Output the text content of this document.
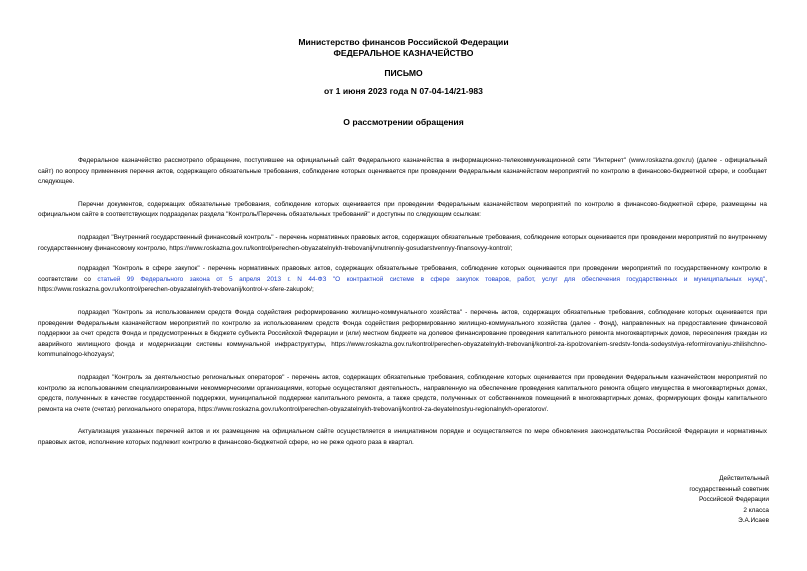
Министерство финансов Российской Федерации
ФЕДЕРАЛЬНОЕ КАЗНАЧЕЙСТВО
ПИСЬМО
от 1 июня 2023 года N 07-04-14/21-983
О рассмотрении обращения

Федеральное казначейство рассмотрело обращение, поступившее на официальный сайт Федерального казначейства в информационно-телекоммуникационной сети "Интернет" (www.roskazna.gov.ru) (далее - официальный сайт) по вопросу применения перечня актов, содержащего обязательные требования, соблюдение которых оценивается при проведении Федеральным казначейством мероприятий по контролю в финансово-бюджетной сфере, и сообщает следующее.

Перечни документов, содержащих обязательные требования, соблюдение которых оценивается при проведении Федеральным казначейством мероприятий по контролю в финансово-бюджетной сфере, размещены на официальном сайте в соответствующих подразделах раздела "Контроль/Перечень обязательных требований" и доступны по следующим ссылкам:

подраздел "Внутренний государственный финансовый контроль" - перечень нормативных правовых актов, содержащих обязательные требования, соблюдение которых оценивается при проведении мероприятий по внутреннему государственному финансовому контролю, https://www.roskazna.gov.ru/kontrol/perechen-obyazatelnykh-trebovanij/vnutrenniy-gosudarstvennyy-finansovyy-kontrol/;

подраздел "Контроль в сфере закупок" - перечень нормативных правовых актов, содержащих обязательные требования, соблюдение которых оценивается при проведении мероприятий по государственному контролю в соответствии со статьей 99 Федерального закона от 5 апреля 2013 г. N 44-ФЗ "О контрактной системе в сфере закупок товаров, работ, услуг для обеспечения государственных и муниципальных нужд", https://www.roskazna.gov.ru/kontrol/perechen-obyazatelnykh-trebovanij/kontrol-v-sfere-zakupok/;

подраздел "Контроль за использованием средств Фонда содействия реформированию жилищно-коммунального хозяйства" - перечень актов, содержащих обязательные требования, соблюдение которых оценивается при проведении Федеральным казначейством мероприятий по контролю за использованием средств Фонда содействия реформированию жилищно-коммунального хозяйства (далее - Фонд), направленных на предоставление финансовой поддержки за счет средств Фонда и предусмотренных в бюджете субъекта Российской Федерации и (или) местном бюджете на долевое финансирование проведения капитального ремонта многоквартирных домов, переселения граждан из аварийного жилищного фонда и модернизации системы коммунальной инфраструктуры, https://www.roskazna.gov.ru/kontrol/perechen-obyazatelnykh-trebovanij/kontrol-za-ispolzovaniem-sredstv-fonda-sodeystviya-reformirovaniyu-zhilishchno-kommunalnogo-khozyays/;

подраздел "Контроль за деятельностью региональных операторов" - перечень актов, содержащих обязательные требования, соблюдение которых оценивается при проведении Федеральным казначейством мероприятий по контролю за использованием специализированными некоммерческими организациями, которые осуществляют деятельность, направленную на обеспечение проведения капитального ремонта общего имущества в многоквартирных домах, средств, полученных в качестве государственной поддержки, муниципальной поддержки капитального ремонта, а также средств, полученных от собственников помещений в многоквартирных домах, формирующих фонды капитального ремонта на счете (счетах) регионального оператора, https://www.roskazna.gov.ru/kontrol/perechen-obyazatelnykh-trebovanij/kontrol-za-deyatelnostyu-regionalnykh-operatorov/.

Актуализация указанных перечней актов и их размещение на официальном сайте осуществляется в инициативном порядке и осуществляется по мере обновления законодательства Российской Федерации и нормативных правовых актов, исполнение которых подлежит контролю в финансово-бюджетной сфере, но не реже одного раза в квартал.

Действительный
государственный советник
Российской Федерации
2 класса
Э.А.Исаев
